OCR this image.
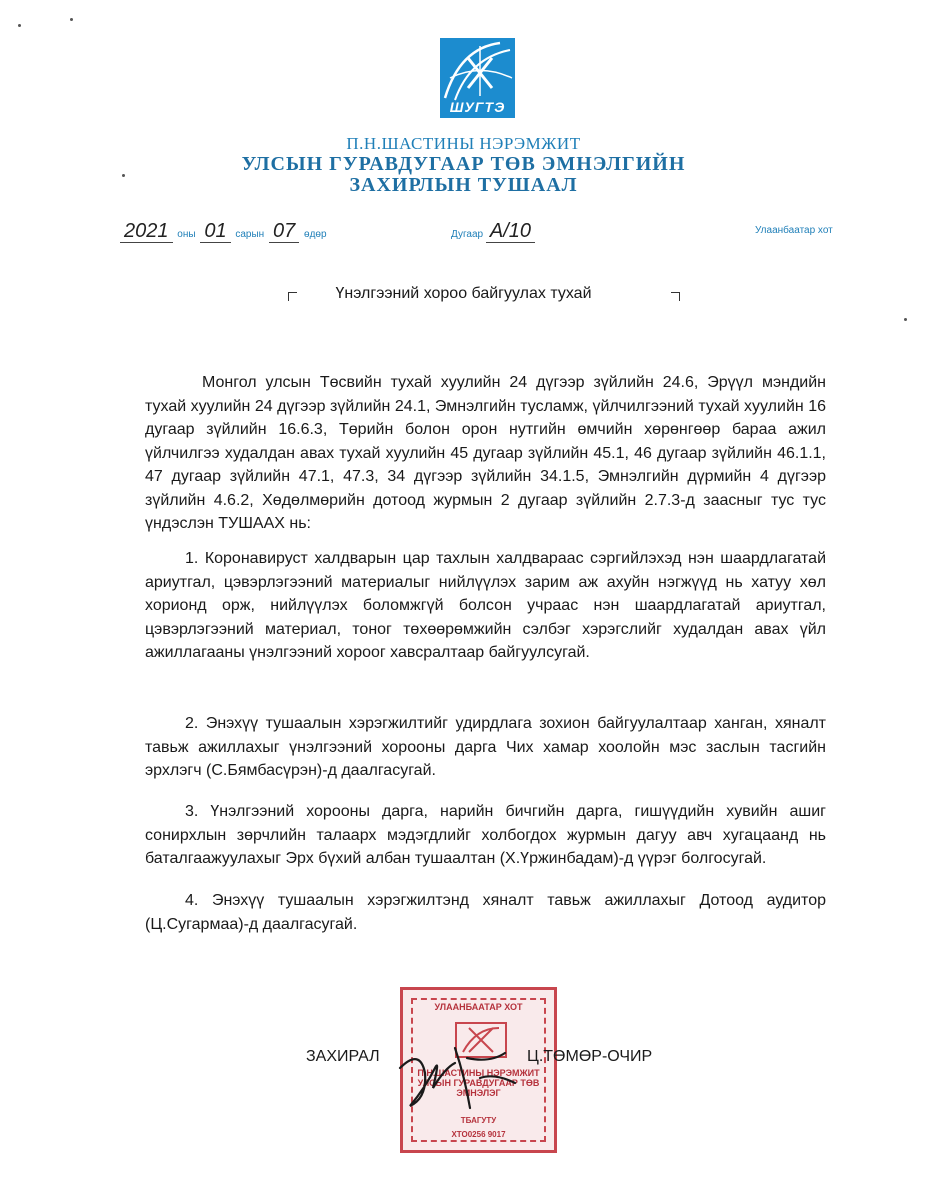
ШУГТЭ
П.Н.ШАСТИНЫ НЭРЭМЖИТ
УЛСЫН ГУРАВДУГААР ТӨВ ЭМНЭЛГИЙН
ЗАХИРЛЫН ТУШААЛ
2021 оны 01 сарын 07 өдөр	Дугаар А/10	Улаанбаатар хот
Үнэлгээний хороо байгуулах тухай

Монгол улсын Төсвийн тухай хуулийн 24 дүгээр зүйлийн 24.6, Эрүүл мэндийн тухай хуулийн 24 дүгээр зүйлийн 24.1, Эмнэлгийн тусламж, үйлчилгээний тухай хуулийн 16 дугаар зүйлийн 16.6.3, Төрийн болон орон нутгийн өмчийн хөрөнгөөр бараа ажил үйлчилгээ худалдан авах тухай хуулийн 45 дугаар зүйлийн 45.1, 46 дугаар зүйлийн 46.1.1, 47 дугаар зүйлийн 47.1, 47.3, 34 дүгээр зүйлийн 34.1.5, Эмнэлгийн дүрмийн 4 дүгээр зүйлийн 4.6.2, Хөдөлмөрийн дотоод журмын 2 дугаар зүйлийн 2.7.3-д заасныг тус тус үндэслэн ТУШААХ нь:

1. Коронавируст халдварын цар тахлын халдвараас сэргийлэхэд нэн шаардлагатай ариутгал, цэвэрлэгээний материалыг нийлүүлэх зарим аж ахуйн нэгжүүд нь хатуу хөл хорионд орж, нийлүүлэх боломжгүй болсон учраас нэн шаардлагатай ариутгал, цэвэрлэгээний материал, тоног төхөөрөмжийн сэлбэг хэрэгслийг худалдан авах үйл ажиллагааны үнэлгээний хороог хавсралтаар байгуулсугай.

2. Энэхүү тушаалын хэрэгжилтийг удирдлага зохион байгуулалтаар ханган, хяналт тавьж ажиллахыг үнэлгээний хорооны дарга Чих хамар хоолойн мэс заслын тасгийн эрхлэгч (С.Бямбасүрэн)-д даалгасугай.

3. Үнэлгээний хорооны дарга, нарийн бичгийн дарга, гишүүдийн хувийн ашиг сонирхлын зөрчлийн талаарх мэдэгдлийг холбогдох журмын дагуу авч хугацаанд нь баталгаажуулахыг Эрх бүхий албан тушаалтан (Х.Үржинбадам)-д үүрэг болгосугай.

4. Энэхүү тушаалын хэрэгжилтэнд хяналт тавьж ажиллахыг Дотоод аудитор (Ц.Сугармаа)-д даалгасугай.

УЛААНБААТАР ХОТ
П.Н.ШАСТИНЫ НЭРЭМЖИТ УЛСЫН ГУРАВДУГААР ТӨВ ЭМНЭЛЭГ
ТБАГУТУ
ХТО0256 9017
ЗАХИРАЛ	Ц.ТӨМӨР-ОЧИР
